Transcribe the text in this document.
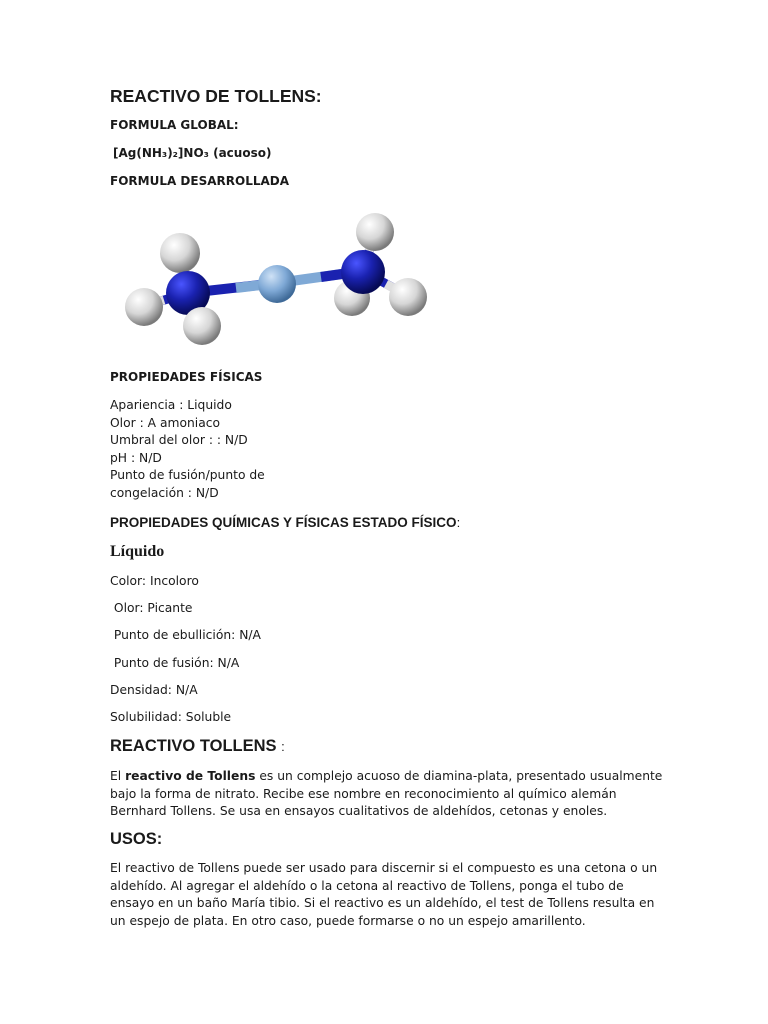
REACTIVO DE TOLLENS:

FORMULA GLOBAL:

[Ag(NH₃)₂]NO₃ (acuoso)

FORMULA DESARROLLADA

PROPIEDADES FÍSICAS

Apariencia : Liquido
Olor : A amoniaco
Umbral del olor : : N/D
pH : N/D
Punto de fusión/punto de
congelación : N/D

PROPIEDADES QUÍMICAS Y FÍSICAS ESTADO FÍSICO:

Líquido

Color: Incoloro

Olor: Picante

Punto de ebullición: N/A

Punto de fusión: N/A

Densidad: N/A

Solubilidad: Soluble

REACTIVO TOLLENS :

El reactivo de Tollens es un complejo acuoso de diamina-plata, presentado usualmente bajo la forma de nitrato. Recibe ese nombre en reconocimiento al químico alemán Bernhard Tollens. Se usa en ensayos cualitativos de aldehídos, cetonas y enoles.

USOS:

El reactivo de Tollens puede ser usado para discernir si el compuesto es una cetona o un aldehído. Al agregar el aldehído o la cetona al reactivo de Tollens, ponga el tubo de ensayo en un baño María tibio. Si el reactivo es un aldehído, el test de Tollens resulta en un espejo de plata. En otro caso, puede formarse o no un espejo amarillento.
